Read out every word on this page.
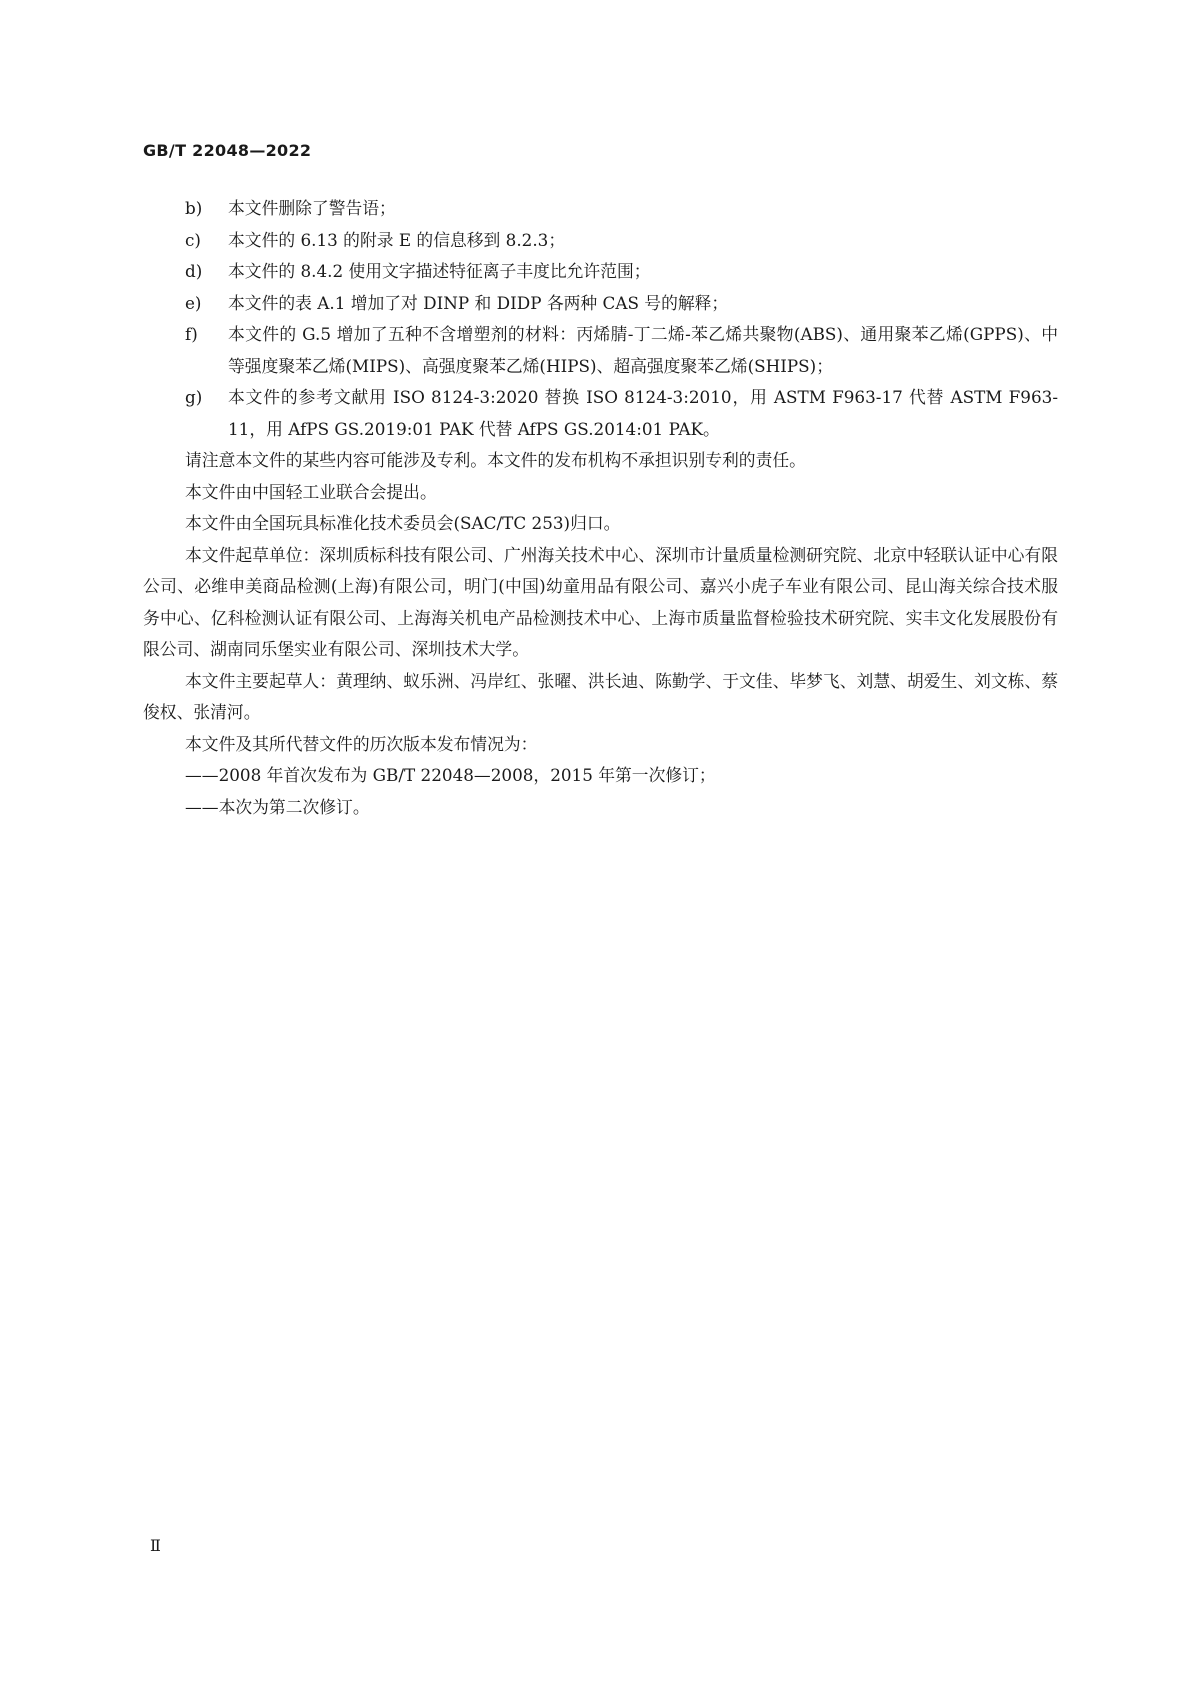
GB/T 22048—2022
b)	本文件删除了警告语；
c)	本文件的 6.13 的附录 E 的信息移到 8.2.3；
d)	本文件的 8.4.2 使用文字描述特征离子丰度比允许范围；
e)	本文件的表 A.1 增加了对 DINP 和 DIDP 各两种 CAS 号的解释；
f)	本文件的 G.5 增加了五种不含增塑剂的材料：丙烯腈-丁二烯-苯乙烯共聚物(ABS)、通用聚苯乙烯(GPPS)、中等强度聚苯乙烯(MIPS)、高强度聚苯乙烯(HIPS)、超高强度聚苯乙烯(SHIPS)；
g)	本文件的参考文献用 ISO 8124-3:2020 替换 ISO 8124-3:2010，用 ASTM F963-17 代替 ASTM F963-11，用 AfPS GS.2019:01 PAK 代替 AfPS GS.2014:01 PAK。
请注意本文件的某些内容可能涉及专利。本文件的发布机构不承担识别专利的责任。
本文件由中国轻工业联合会提出。
本文件由全国玩具标准化技术委员会(SAC/TC 253)归口。
本文件起草单位：深圳质标科技有限公司、广州海关技术中心、深圳市计量质量检测研究院、北京中轻联认证中心有限公司、必维申美商品检测(上海)有限公司，明门(中国)幼童用品有限公司、嘉兴小虎子车业有限公司、昆山海关综合技术服务中心、亿科检测认证有限公司、上海海关机电产品检测技术中心、上海市质量监督检验技术研究院、实丰文化发展股份有限公司、湖南同乐堡实业有限公司、深圳技术大学。
本文件主要起草人：黄理纳、蚁乐洲、冯岸红、张曜、洪长迪、陈勤学、于文佳、毕梦飞、刘慧、胡爱生、刘文栋、蔡俊权、张清河。
本文件及其所代替文件的历次版本发布情况为：
——2008 年首次发布为 GB/T 22048—2008，2015 年第一次修订；
——本次为第二次修订。
Ⅱ
